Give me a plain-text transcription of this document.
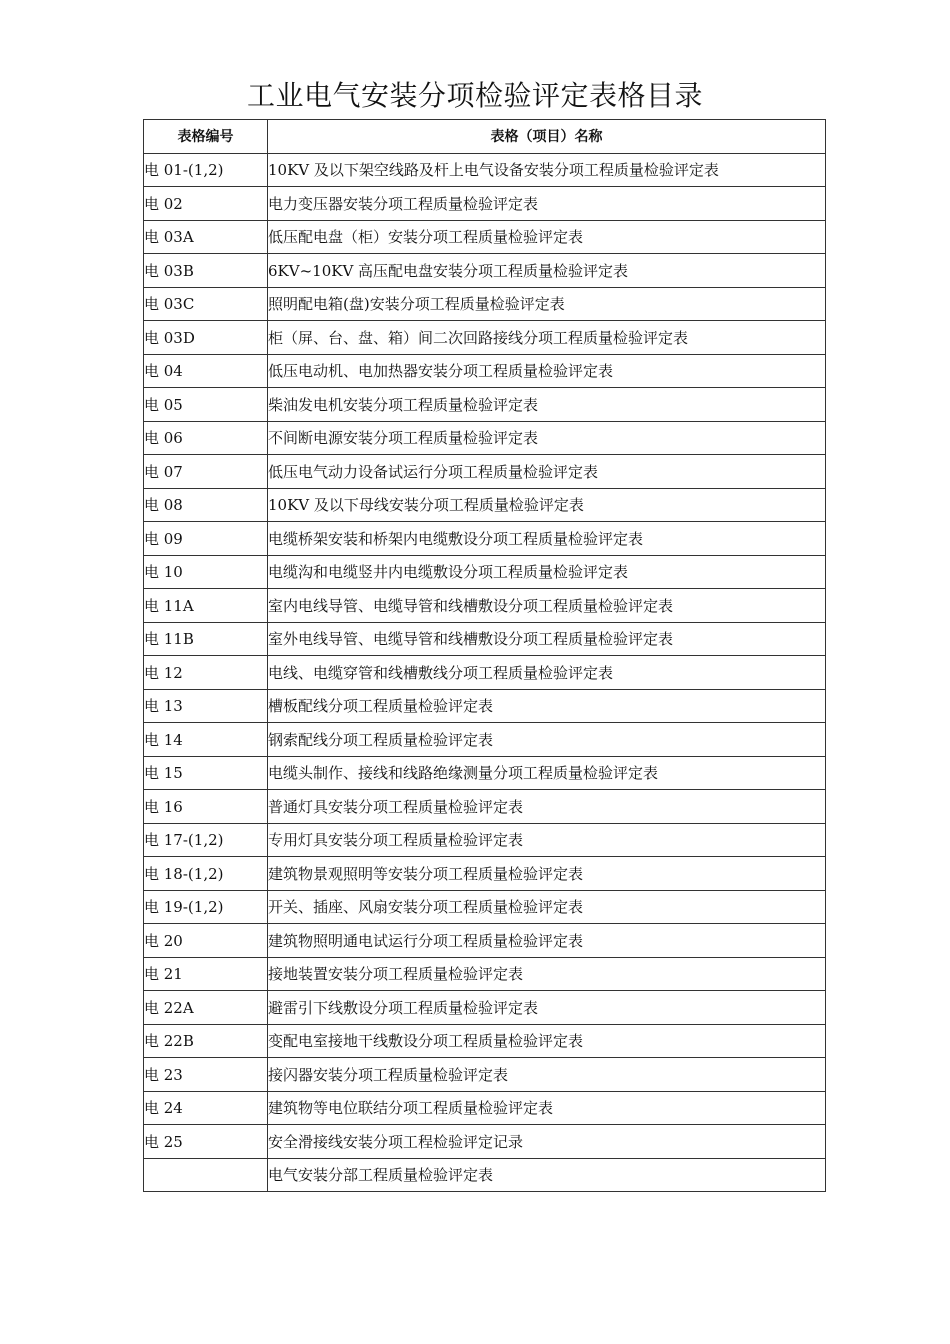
工业电气安装分项检验评定表格目录
表格编号	表格（项目）名称
电 01-(1,2)	10KV 及以下架空线路及杆上电气设备安装分项工程质量检验评定表
电 02	电力变压器安装分项工程质量检验评定表
电 03A	低压配电盘（柜）安装分项工程质量检验评定表
电 03B	6KV~10KV 高压配电盘安装分项工程质量检验评定表
电 03C	照明配电箱(盘)安装分项工程质量检验评定表
电 03D	柜（屏、台、盘、箱）间二次回路接线分项工程质量检验评定表
电 04	低压电动机、电加热器安装分项工程质量检验评定表
电 05	柴油发电机安装分项工程质量检验评定表
电 06	不间断电源安装分项工程质量检验评定表
电 07	低压电气动力设备试运行分项工程质量检验评定表
电 08	10KV 及以下母线安装分项工程质量检验评定表
电 09	电缆桥架安装和桥架内电缆敷设分项工程质量检验评定表
电 10	电缆沟和电缆竖井内电缆敷设分项工程质量检验评定表
电 11A	室内电线导管、电缆导管和线槽敷设分项工程质量检验评定表
电 11B	室外电线导管、电缆导管和线槽敷设分项工程质量检验评定表
电 12	电线、电缆穿管和线槽敷线分项工程质量检验评定表
电 13	槽板配线分项工程质量检验评定表
电 14	钢索配线分项工程质量检验评定表
电 15	电缆头制作、接线和线路绝缘测量分项工程质量检验评定表
电 16	普通灯具安装分项工程质量检验评定表
电 17-(1,2)	专用灯具安装分项工程质量检验评定表
电 18-(1,2)	建筑物景观照明等安装分项工程质量检验评定表
电 19-(1,2)	开关、插座、风扇安装分项工程质量检验评定表
电 20	建筑物照明通电试运行分项工程质量检验评定表
电 21	接地装置安装分项工程质量检验评定表
电 22A	避雷引下线敷设分项工程质量检验评定表
电 22B	变配电室接地干线敷设分项工程质量检验评定表
电 23	接闪器安装分项工程质量检验评定表
电 24	建筑物等电位联结分项工程质量检验评定表
电 25	安全滑接线安装分项工程检验评定记录
	电气安装分部工程质量检验评定表
